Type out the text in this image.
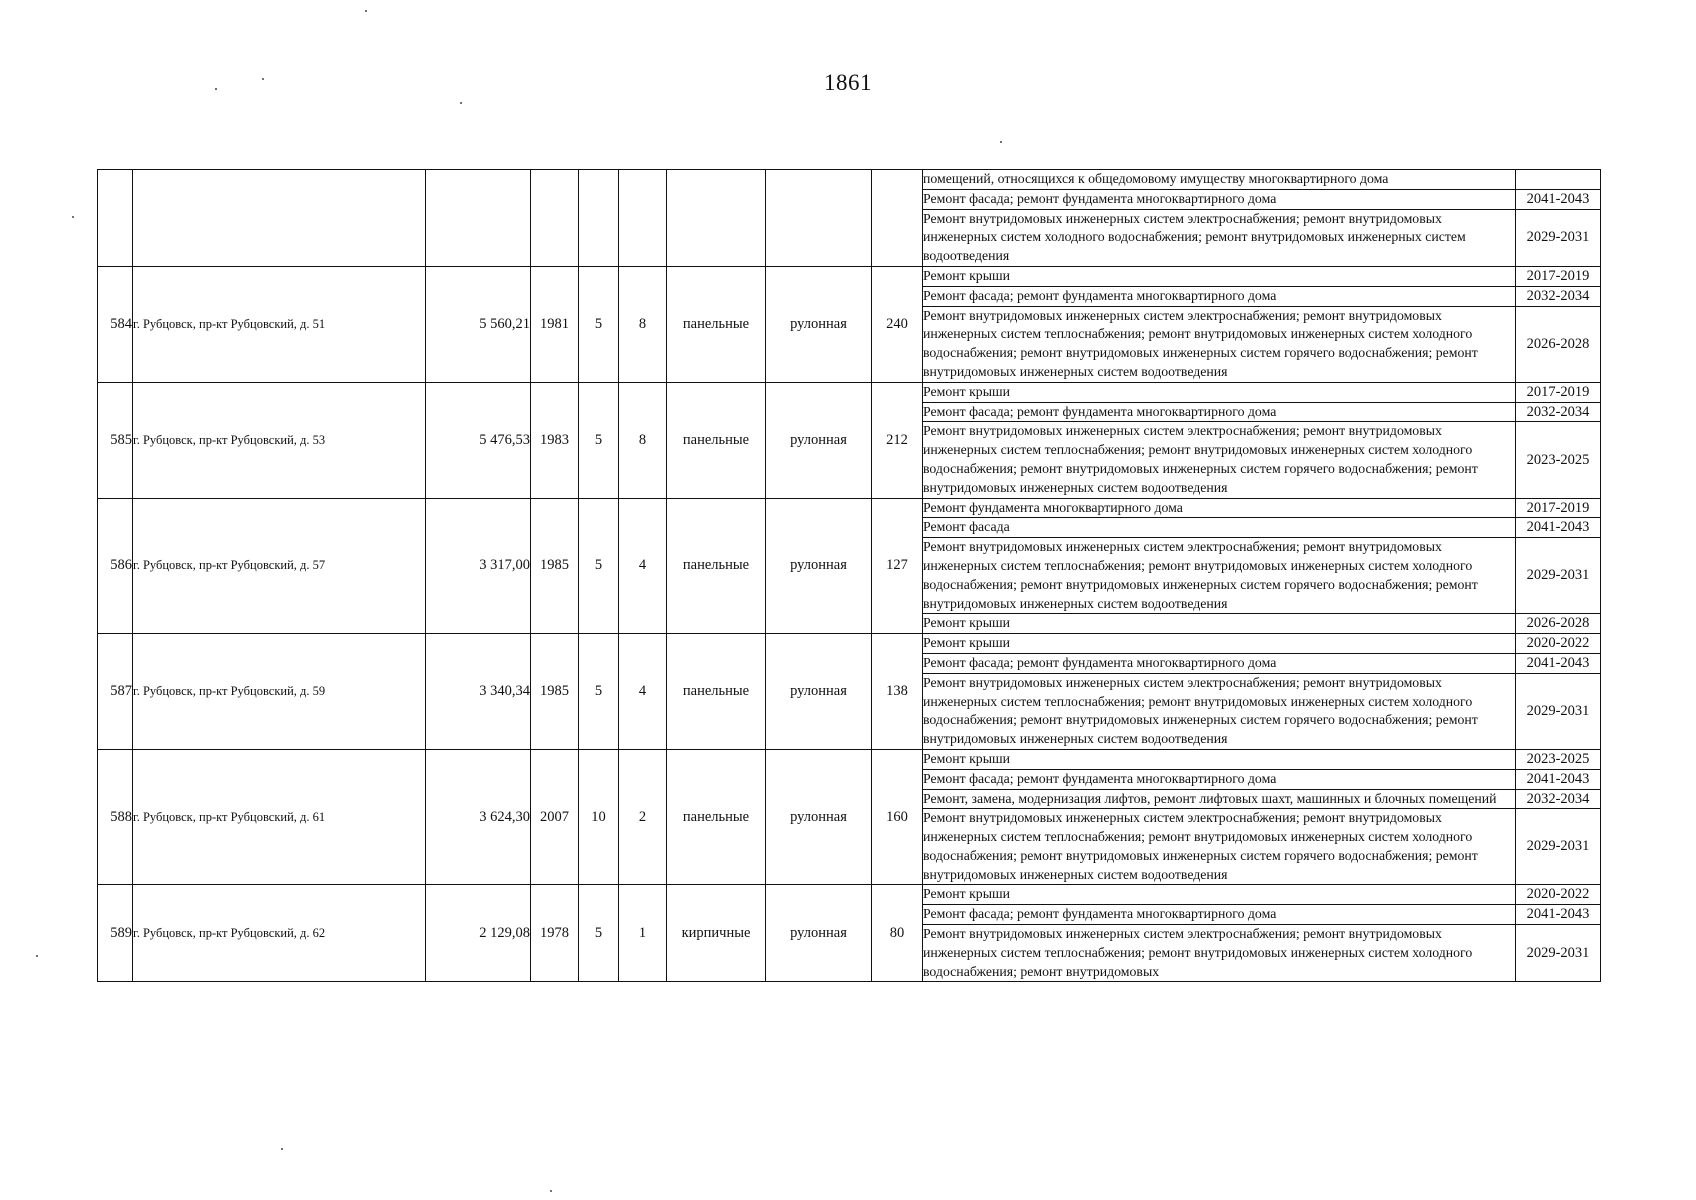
1861
									помещений, относящихся к общедомовому имуществу многоквартирного дома	
									Ремонт фасада; ремонт фундамента многоквартирного дома	2041-2043
									Ремонт внутридомовых инженерных систем электроснабжения; ремонт внутридомовых инженерных систем холодного водоснабжения; ремонт внутридомовых инженерных систем водоотведения	2029-2031
584	г. Рубцовск, пр-кт Рубцовский, д. 51	5 560,21	1981	5	8	панельные	рулонная	240	Ремонт крыши	2017-2019
									Ремонт фасада; ремонт фундамента многоквартирного дома	2032-2034
									Ремонт внутридомовых инженерных систем электроснабжения; ремонт внутридомовых инженерных систем теплоснабжения; ремонт внутридомовых инженерных систем холодного водоснабжения; ремонт внутридомовых инженерных систем горячего водоснабжения; ремонт внутридомовых инженерных систем водоотведения	2026-2028
585	г. Рубцовск, пр-кт Рубцовский, д. 53	5 476,53	1983	5	8	панельные	рулонная	212	Ремонт крыши	2017-2019
									Ремонт фасада; ремонт фундамента многоквартирного дома	2032-2034
									Ремонт внутридомовых инженерных систем электроснабжения; ремонт внутридомовых инженерных систем теплоснабжения; ремонт внутридомовых инженерных систем холодного водоснабжения; ремонт внутридомовых инженерных систем горячего водоснабжения; ремонт внутридомовых инженерных систем водоотведения	2023-2025
586	г. Рубцовск, пр-кт Рубцовский, д. 57	3 317,00	1985	5	4	панельные	рулонная	127	Ремонт фундамента многоквартирного дома	2017-2019
									Ремонт фасада	2041-2043
									Ремонт внутридомовых инженерных систем электроснабжения; ремонт внутридомовых инженерных систем теплоснабжения; ремонт внутридомовых инженерных систем холодного водоснабжения; ремонт внутридомовых инженерных систем горячего водоснабжения; ремонт внутридомовых инженерных систем водоотведения	2029-2031
									Ремонт крыши	2026-2028
587	г. Рубцовск, пр-кт Рубцовский, д. 59	3 340,34	1985	5	4	панельные	рулонная	138	Ремонт крыши	2020-2022
									Ремонт фасада; ремонт фундамента многоквартирного дома	2041-2043
									Ремонт внутридомовых инженерных систем электроснабжения; ремонт внутридомовых инженерных систем теплоснабжения; ремонт внутридомовых инженерных систем холодного водоснабжения; ремонт внутридомовых инженерных систем горячего водоснабжения; ремонт внутридомовых инженерных систем водоотведения	2029-2031
588	г. Рубцовск, пр-кт Рубцовский, д. 61	3 624,30	2007	10	2	панельные	рулонная	160	Ремонт крыши	2023-2025
									Ремонт фасада; ремонт фундамента многоквартирного дома	2041-2043
									Ремонт, замена, модернизация лифтов, ремонт лифтовых шахт, машинных и блочных помещений	2032-2034
									Ремонт внутридомовых инженерных систем электроснабжения; ремонт внутридомовых инженерных систем теплоснабжения; ремонт внутридомовых инженерных систем холодного водоснабжения; ремонт внутридомовых инженерных систем горячего водоснабжения; ремонт внутридомовых инженерных систем водоотведения	2029-2031
589	г. Рубцовск, пр-кт Рубцовский, д. 62	2 129,08	1978	5	1	кирпичные	рулонная	80	Ремонт крыши	2020-2022
									Ремонт фасада; ремонт фундамента многоквартирного дома	2041-2043
									Ремонт внутридомовых инженерных систем электроснабжения; ремонт внутридомовых инженерных систем теплоснабжения; ремонт внутридомовых инженерных систем холодного водоснабжения; ремонт внутридомовых	2029-2031
